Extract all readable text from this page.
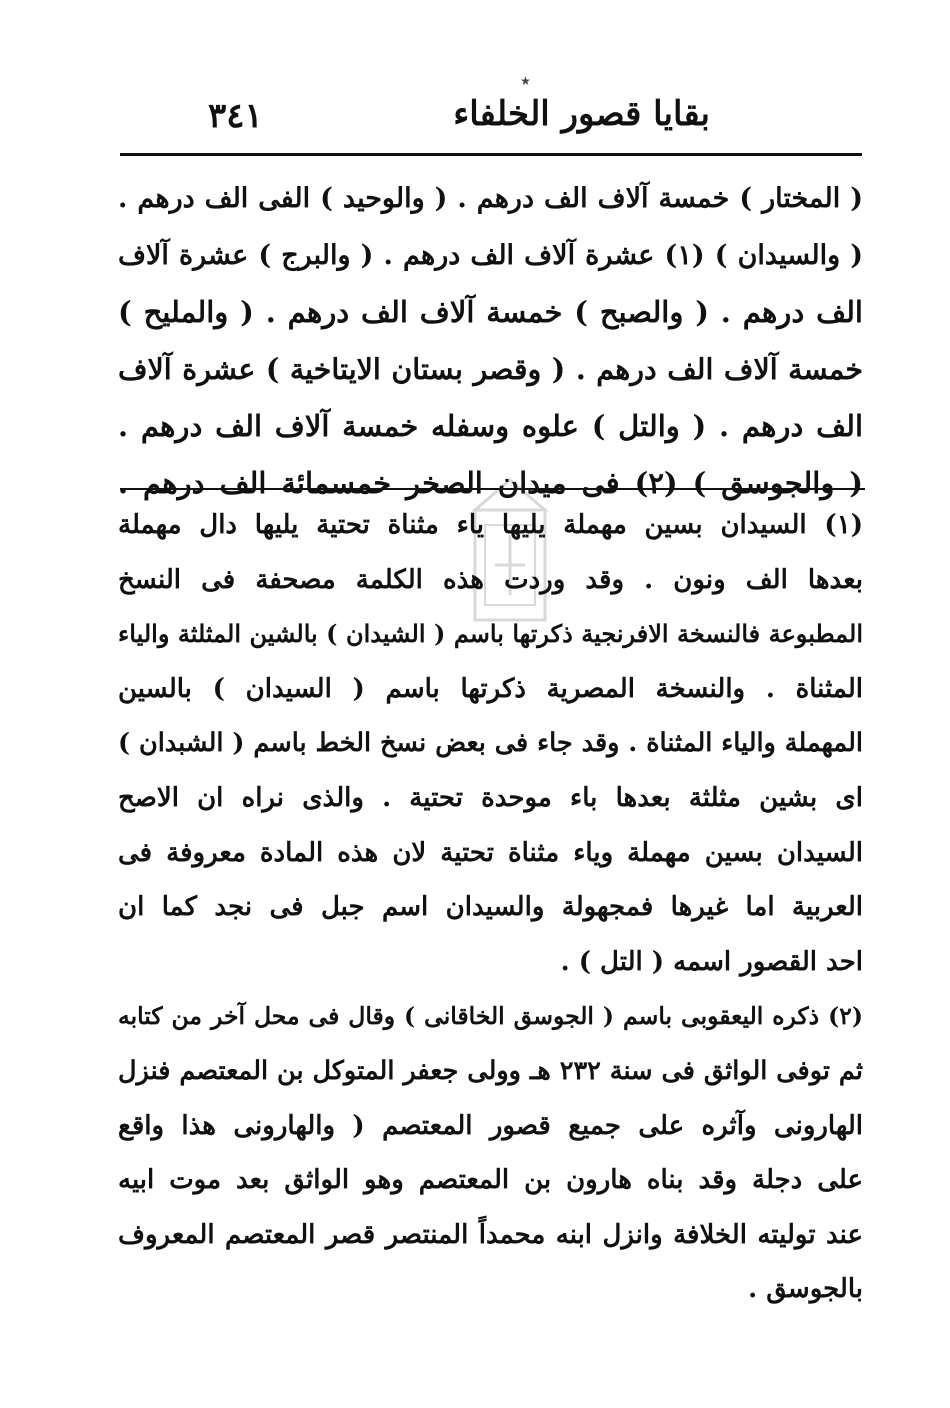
٭
بقايا قصور الخلفاء
٣٤١
( المختار ) خمسة آلاف الف درهم . ( والوحيد ) الفى الف درهم .
( والسيدان ) (١) عشرة آلاف الف درهم . ( والبرج ) عشرة آلاف
الف درهم . ( والصبح ) خمسة آلاف الف درهم . ( والمليح )
خمسة آلاف الف درهم . ( وقصر بستان الايتاخية ) عشرة آلاف
الف درهم . ( والتل ) علوه وسفله خمسة آلاف الف درهم .
( والجوسق ) (٢) فى ميدان الصخر خمسمائة الف درهم .
(١) السيدان بسين مهملة يليها ياء مثناة تحتية يليها دال مهملة
بعدها الف ونون . وقد وردت هذه الكلمة مصحفة فى النسخ
المطبوعة فالنسخة الافرنجية ذكرتها باسم ( الشيدان ) بالشين المثلثة والياء
المثناة . والنسخة المصرية ذكرتها باسم ( السيدان ) بالسين
المهملة والياء المثناة . وقد جاء فى بعض نسخ الخط باسم ( الشبدان )
اى بشين مثلثة بعدها باء موحدة تحتية . والذى نراه ان الاصح
السيدان بسين مهملة وياء مثناة تحتية لان هذه المادة معروفة فى
العربية اما غيرها فمجهولة والسيدان اسم جبل فى نجد كما ان
احد القصور اسمه ( التل ) .
(٢) ذكره اليعقوبى باسم ( الجوسق الخاقانى ) وقال فى محل آخر من كتابه
ثم توفى الواثق فى سنة ٢٣٢ هـ وولى جعفر المتوكل بن المعتصم فنزل
الهارونى وآثره على جميع قصور المعتصم ( والهارونى هذا واقع
على دجلة وقد بناه هارون بن المعتصم وهو الواثق بعد موت ابيه
عند توليته الخلافة وانزل ابنه محمداً المنتصر قصر المعتصم المعروف
بالجوسق .
